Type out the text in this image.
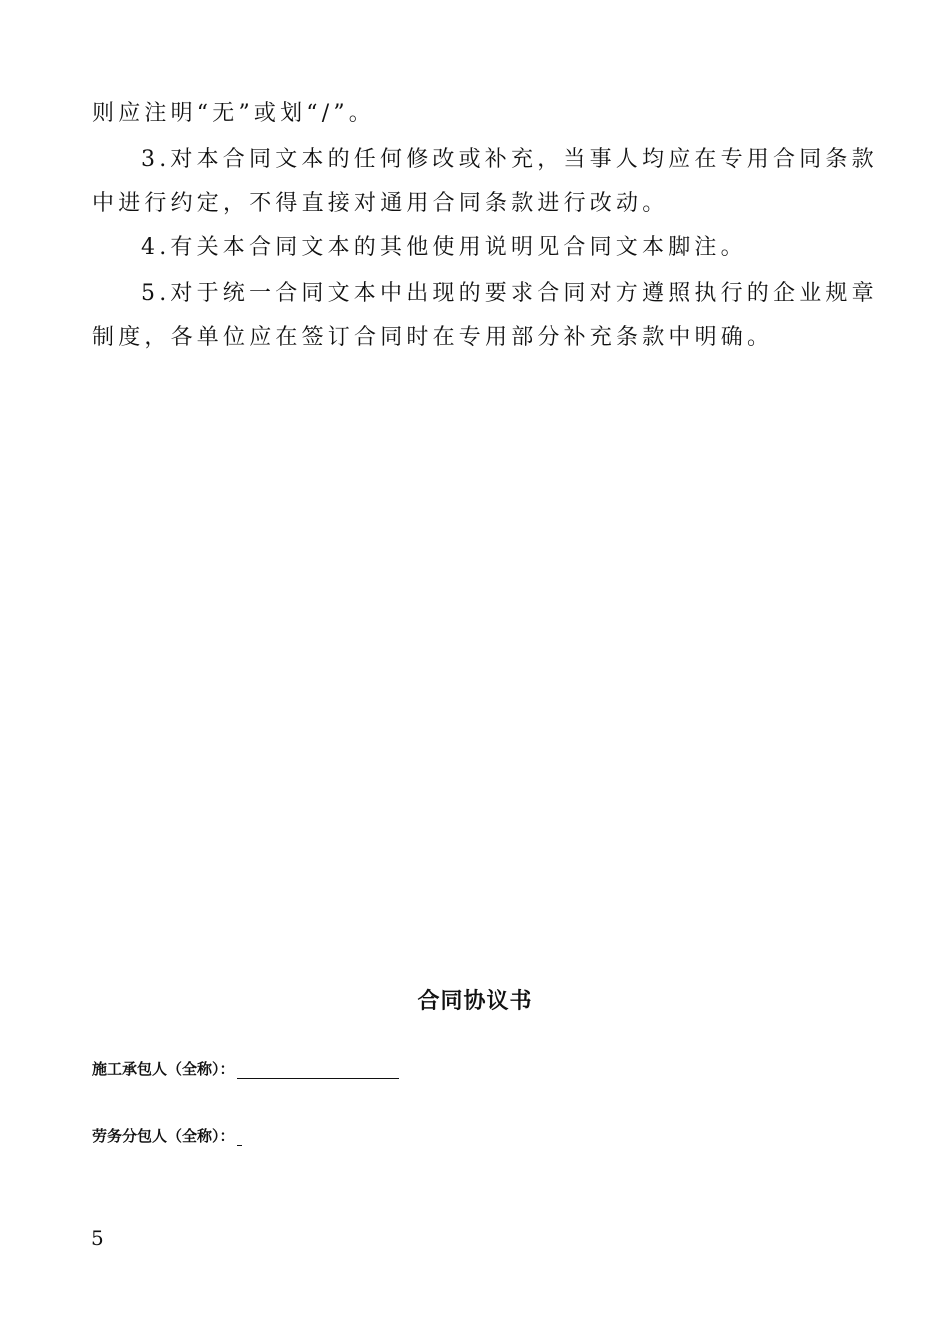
则应注明“无”或划“/”。

3.对本合同文本的任何修改或补充，当事人均应在专用合同条款

中进行约定，不得直接对通用合同条款进行改动。

4.有关本合同文本的其他使用说明见合同文本脚注。

5.对于统一合同文本中出现的要求合同对方遵照执行的企业规章

制度，各单位应在签订合同时在专用部分补充条款中明确。

合同协议书
施工承包人（全称）：
劳务分包人（全称）：
5
